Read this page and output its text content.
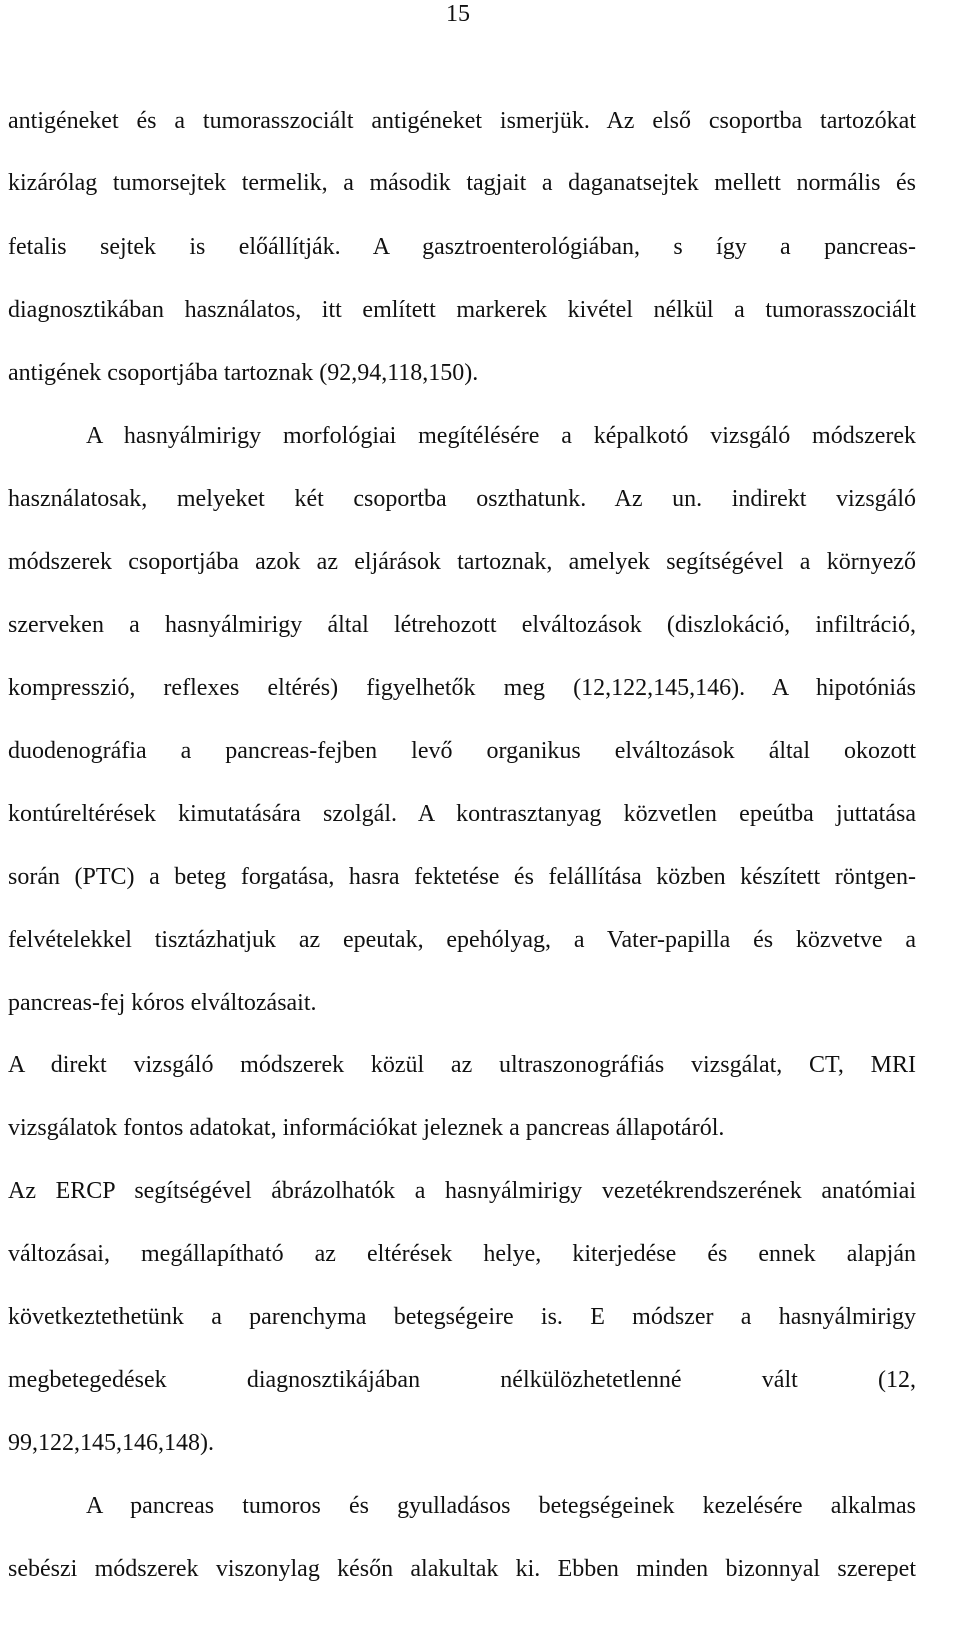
15
antigéneket és a tumorasszociált antigéneket ismerjük. Az első csoportba tartozókat
kizárólag tumorsejtek termelik, a második tagjait a daganatsejtek mellett normális és
fetalis sejtek is előállítják. A gasztroenterológiában, s így a pancreas-
diagnosztikában használatos, itt említett markerek kivétel nélkül a tumorasszociált
antigének csoportjába tartoznak (92,94,118,150).
A hasnyálmirigy morfológiai megítélésére a képalkotó vizsgáló módszerek
használatosak, melyeket két csoportba oszthatunk. Az un. indirekt vizsgáló
módszerek csoportjába azok az eljárások tartoznak, amelyek segítségével a környező
szerveken a hasnyálmirigy által létrehozott elváltozások (diszlokáció, infiltráció,
kompresszió, reflexes eltérés) figyelhetők meg (12,122,145,146). A hipotóniás
duodenográfia a pancreas-fejben levő organikus elváltozások által okozott
kontúreltérések kimutatására szolgál. A kontrasztanyag közvetlen epeútba juttatása
során (PTC) a beteg forgatása, hasra fektetése és felállítása közben készített röntgen-
felvételekkel tisztázhatjuk az epeutak, epehólyag, a Vater-papilla és közvetve a
pancreas-fej kóros elváltozásait.
A direkt vizsgáló módszerek közül az ultraszonográfiás vizsgálat, CT, MRI
vizsgálatok fontos adatokat, információkat jeleznek a pancreas állapotáról.
Az ERCP segítségével ábrázolhatók a hasnyálmirigy vezetékrendszerének anatómiai
változásai, megállapítható az eltérések helye, kiterjedése és ennek alapján
következtethetünk a parenchyma betegségeire is. E módszer a hasnyálmirigy
megbetegedések diagnosztikájában nélkülözhetetlenné vált (12,
99,122,145,146,148).
A pancreas tumoros és gyulladásos betegségeinek kezelésére alkalmas
sebészi módszerek viszonylag későn alakultak ki. Ebben minden bizonnyal szerepet
